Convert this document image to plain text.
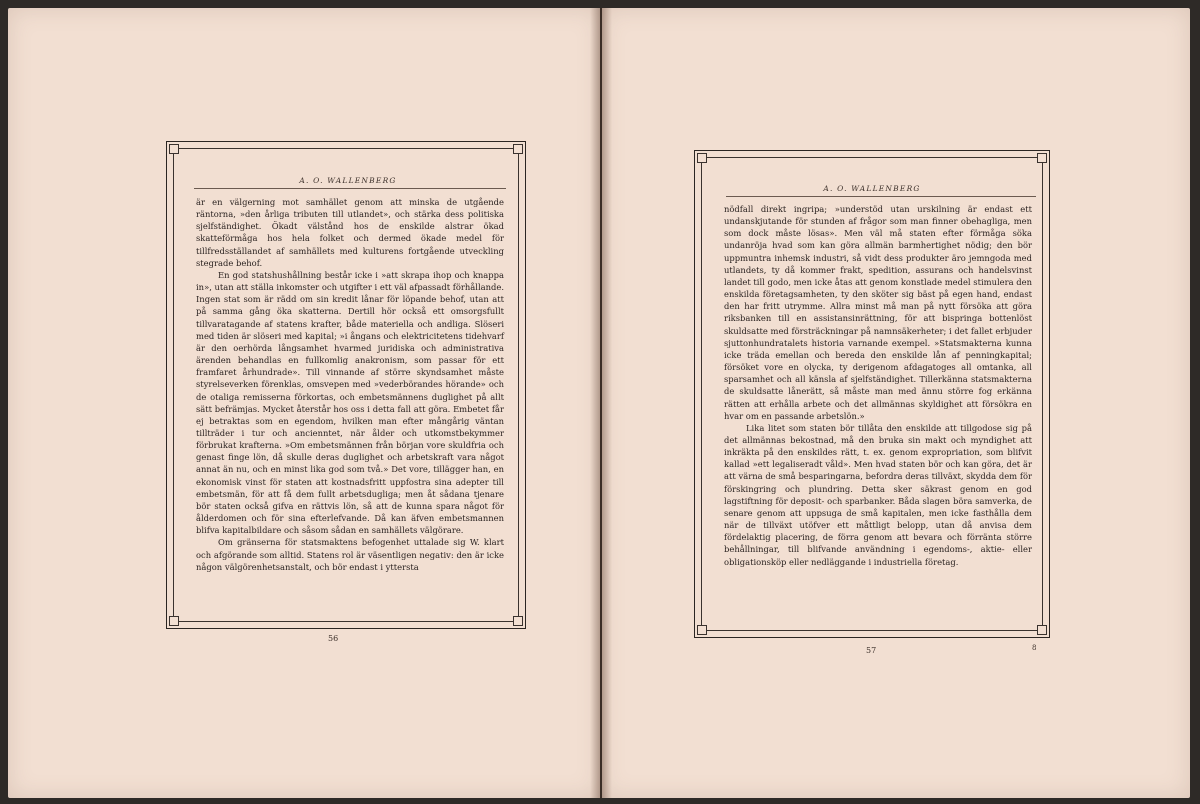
A. O. WALLENBERG

är en välgerning mot samhället genom att minska de utgående räntorna, »den årliga tributen till utlandet», och stärka dess politiska sjelfständighet. Ökadt välstånd hos de enskilde alstrar ökad skatteförmåga hos hela folket och dermed ökade medel för tillfredsställandet af samhällets med kulturens fortgående utveckling stegrade behof.

En god statshushållning består icke i »att skrapa ihop och knappa in», utan att ställa inkomster och utgifter i ett väl afpassadt förhållande. Ingen stat som är rädd om sin kredit lånar för löpande behof, utan att på samma gång öka skatterna. Dertill hör också ett omsorgsfullt tillvaratagande af statens krafter, både materiella och andliga. Slöseri med tiden är slöseri med kapital; »i ångans och elektricitetens tidehvarf är den oerhörda långsamhet hvarmed juridiska och administrativa ärenden behandlas en fullkomlig anakronism, som passar för ett framfaret århundrade». Till vinnande af större skyndsamhet måste styrelseverken förenklas, omsvepen med »vederbörandes hörande» och de otaliga remisserna förkortas, och embetsmännens duglighet på allt sätt befrämjas. Mycket återstår hos oss i detta fall att göra. Embetet får ej betraktas som en egendom, hvilken man efter mångårig väntan tillträder i tur och ancienntet, när ålder och utkomstbekymmer förbrukat krafterna. »Om embetsmännen från början vore skuldfria och genast finge lön, då skulle deras duglighet och arbetskraft vara något annat än nu, och en minst lika god som två.» Det vore, tillägger han, en ekonomisk vinst för staten att kostnadsfritt uppfostra sina adepter till embetsmän, för att få dem fullt arbetsdugliga; men åt sådana tjenare bör staten också gifva en rättvis lön, så att de kunna spara något för ålderdomen och för sina efterlefvande. Då kan äfven embetsmannen blifva kapitalbildare och såsom sådan en samhällets välgörare.

Om gränserna för statsmaktens befogenhet uttalade sig W. klart och afgörande som alltid. Statens rol är väsentligen negativ: den är icke någon välgörenhetsanstalt, och bör endast i yttersta

56
A. O. WALLENBERG

nödfall direkt ingripa; »understöd utan urskilning är endast ett undanskjutande för stunden af frågor som man finner obehagliga, men som dock måste lösas». Men väl må staten efter förmåga söka undanröja hvad som kan göra allmän barmhertighet nödig; den bör uppmuntra inhemsk industri, så vidt dess produkter äro jemngoda med utlandets, ty då kommer frakt, spedition, assurans och handelsvinst landet till godo, men icke åtas att genom konstlade medel stimulera den enskilda företagsamheten, ty den sköter sig bäst på egen hand, endast den har fritt utrymme. Allra minst må man på nytt försöka att göra riksbanken till en assistansinrättning, för att bispringa bottenlöst skuldsatte med försträckningar på namnsäkerheter; i det fallet erbjuder sjuttonhundratalets historia varnande exempel. »Statsmakterna kunna icke träda emellan och bereda den enskilde lån af penningkapital; försöket vore en olycka, ty derigenom afdagatoges all omtanka, all sparsamhet och all känsla af sjelfständighet. Tillerkänna statsmakterna de skuldsatte lånerätt, så måste man med ännu större fog erkänna rätten att erhålla arbete och det allmännas skyldighet att försökra en hvar om en passande arbetslön.»

Lika litet som staten bör tillåta den enskilde att tillgodose sig på det allmännas bekostnad, må den bruka sin makt och myndighet att inkräkta på den enskildes rätt, t. ex. genom expropriation, som blifvit kallad »ett legaliseradt våld». Men hvad staten bör och kan göra, det är att värna de små besparingarna, befordra deras tillväxt, skydda dem för förskingring och plundring. Detta sker säkrast genom en god lagstiftning för deposit- och sparbanker. Båda slagen böra samverka, de senare genom att uppsuga de små kapitalen, men icke fasthålla dem när de tillväxt utöfver ett måttligt belopp, utan då anvisa dem fördelaktig placering, de förra genom att bevara och förränta större behållningar, till blifvande användning i egendoms-, aktie- eller obligationsköp eller nedläggande i industriella företag.

57	8
